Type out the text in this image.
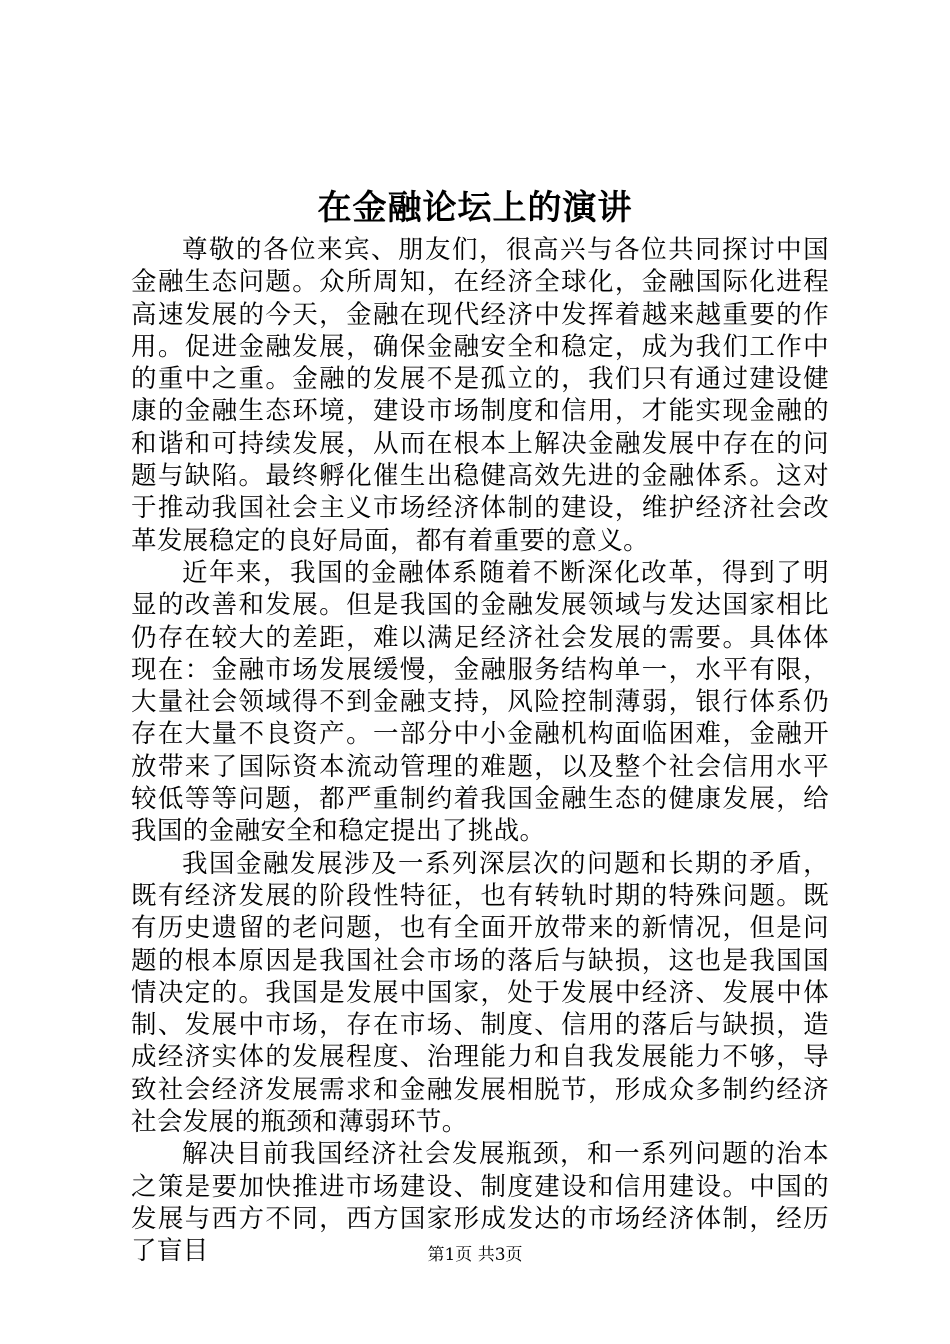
在金融论坛上的演讲

尊敬的各位来宾、朋友们，很高兴与各位共同探讨中国金融生态问题。众所周知，在经济全球化，金融国际化进程高速发展的今天，金融在现代经济中发挥着越来越重要的作用。促进金融发展，确保金融安全和稳定，成为我们工作中的重中之重。金融的发展不是孤立的，我们只有通过建设健康的金融生态环境，建设市场制度和信用，才能实现金融的和谐和可持续发展，从而在根本上解决金融发展中存在的问题与缺陷。最终孵化催生出稳健高效先进的金融体系。这对于推动我国社会主义市场经济体制的建设，维护经济社会改革发展稳定的良好局面，都有着重要的意义。

近年来，我国的金融体系随着不断深化改革，得到了明显的改善和发展。但是我国的金融发展领域与发达国家相比仍存在较大的差距，难以满足经济社会发展的需要。具体体现在：金融市场发展缓慢，金融服务结构单一，水平有限，大量社会领域得不到金融支持，风险控制薄弱，银行体系仍存在大量不良资产。一部分中小金融机构面临困难，金融开放带来了国际资本流动管理的难题，以及整个社会信用水平较低等等问题，都严重制约着我国金融生态的健康发展，给我国的金融安全和稳定提出了挑战。

我国金融发展涉及一系列深层次的问题和长期的矛盾，既有经济发展的阶段性特征，也有转轨时期的特殊问题。既有历史遗留的老问题，也有全面开放带来的新情况，但是问题的根本原因是我国社会市场的落后与缺损，这也是我国国情决定的。我国是发展中国家，处于发展中经济、发展中体制、发展中市场，存在市场、制度、信用的落后与缺损，造成经济实体的发展程度、治理能力和自我发展能力不够，导致社会经济发展需求和金融发展相脱节，形成众多制约经济社会发展的瓶颈和薄弱环节。

解决目前我国经济社会发展瓶颈，和一系列问题的治本之策是要加快推进市场建设、制度建设和信用建设。中国的发展与西方不同，西方国家形成发达的市场经济体制，经历了盲目	第1页 共3页
